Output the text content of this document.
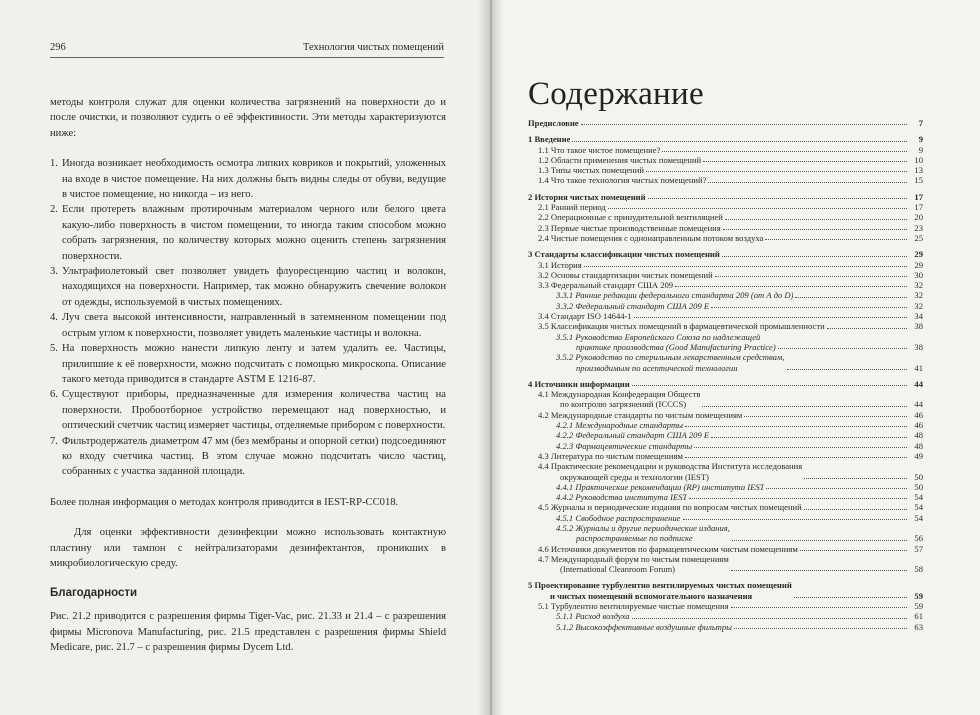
296	Технология чистых помещений

методы контроля служат для оценки количества загрязнений на поверхности до и после очистки, и позволяют судить о её эффективности. Эти методы характеризуются ниже:

1. Иногда возникает необходимость осмотра липких ковриков и покрытий, уложенных на входе в чистое помещение. На них должны быть видны следы от обуви, ведущие в чистое помещение, но никогда – из него.
2. Если протереть влажным протирочным материалом черного или белого цвета какую-либо поверхность в чистом помещении, то иногда таким способом можно собрать загрязнения, по количеству которых можно оценить степень загрязнения поверхности.
3. Ультрафиолетовый свет позволяет увидеть флуоресценцию частиц и волокон, находящихся на поверхности. Например, так можно обнаружить свечение волокон от одежды, используемой в чистых помещениях.
4. Луч света высокой интенсивности, направленный в затемненном помещении под острым углом к поверхности, позволяет увидеть маленькие частицы и волокна.
5. На поверхность можно нанести липкую ленту и затем удалить ее. Частицы, прилипшие к её поверхности, можно подсчитать с помощью микроскопа. Описание такого метода приводится в стандарте ASTM E 1216-87.
6. Существуют приборы, предназначенные для измерения количества частиц на поверхности. Пробоотборное устройство перемещают над поверхностью, и оптический счетчик частиц измеряет частицы, отделяемые прибором с поверхности.
7. Фильтродержатель диаметром 47 мм (без мембраны и опорной сетки) подсоединяют ко входу счетчика частиц. В этом случае можно подсчитать число частиц, собранных с участка заданной площади.

Более полная информация о методах контроля приводится в IEST-RP-CC018.

Для оценки эффективности дезинфекции можно использовать контактную пластину или тампон с нейтрализаторами дезинфектантов, проникших в микробиологическую среду.

Благодарности

Рис. 21.2 приводится с разрешения фирмы Tiger-Vac, рис. 21.33 и 21.4 – с разрешения фирмы Micronova Manufacturing, рис. 21.5 представлен с разрешения фирмы Shield Medicare, рис. 21.7 – с разрешения фирмы Dycem Ltd.

Содержание
Предисловие	7
1 Введение	9
1.1 Что такое чистое помещение?	9
1.2 Области применения чистых помещений	10
1.3 Типы чистых помещений	13
1.4 Что такое технология чистых помещений?	15
2 История чистых помещений	17
2.1 Ранний период	17
2.2 Операционные с принудительной вентиляцией	20
2.3 Первые чистые производственные помещения	23
2.4 Чистые помещения с однонаправленным потоком воздуха	25
3 Стандарты классификации чистых помещений	29
3.1 История	29
3.2 Основы стандартизации чистых помещений	30
3.3 Федеральный стандарт США 209	32
3.3.1 Ранние редакции федерального стандарта 209 (от A до D)	32
3.3.2 Федеральный стандарт США 209 E	32
3.4 Стандарт ISO 14644-1	34
3.5 Классификация чистых помещений в фармацевтической промышленности	38
3.5.1 Руководство Европейского Союза по надлежащей
практике производства (Good Manufacturing Practice)	38
3.5.2 Руководство по стерильным лекарственным средствам,
производимым по асептической технологии	41
4 Источники информации	44
4.1 Международная Конфедерация Обществ
по контролю загрязнений (ICCCS)	44
4.2 Международные стандарты по чистым помещениям	46
4.2.1 Международные стандарты	46
4.2.2 Федеральный стандарт США 209 E	48
4.2.3 Фармацевтические стандарты	48
4.3 Литература по чистым помещениям	49
4.4 Практические рекомендации и руководства Института исследования
окружающей среды и технологии (IEST)	50
4.4.1 Практические рекомендации (RP) института IEST	50
4.4.2 Руководства института IEST	54
4.5 Журналы и периодические издания по вопросам чистых помещений	54
4.5.1 Свободное распространение	54
4.5.2 Журналы и другие периодические издания,
распространяемые по подписке	56
4.6 Источники документов по фармацевтическим чистым помещениям	57
4.7 Международный форум по чистым помещениям
(International Cleanroom Forum)	58
5 Проектирование турбулентно вентилируемых чистых помещений
и чистых помещений вспомогательного назначения	59
5.1 Турбулентно вентилируемые чистые помещения	59
5.1.1 Расход воздуха	61
5.1.2 Высокоэффективные воздушные фильтры	63
